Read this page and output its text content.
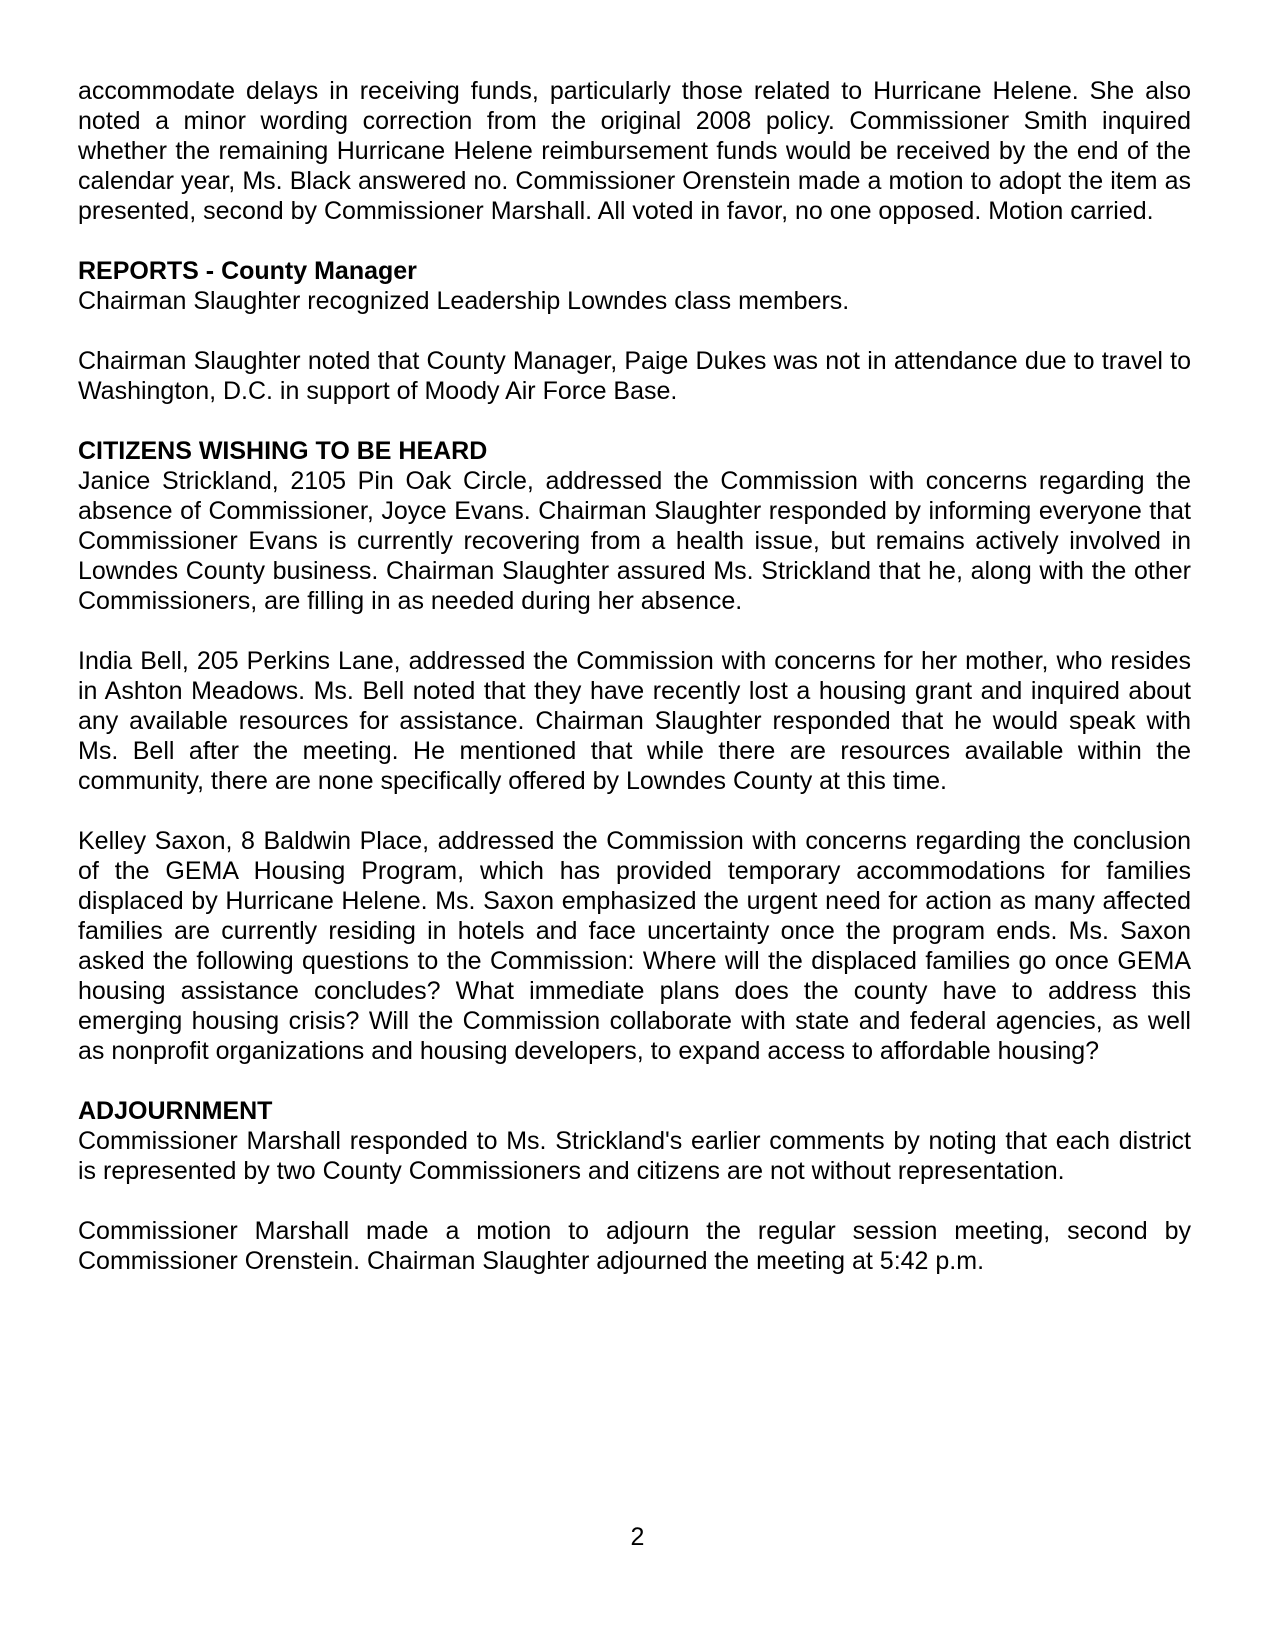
accommodate delays in receiving funds, particularly those related to Hurricane Helene. She also noted a minor wording correction from the original 2008 policy. Commissioner Smith inquired whether the remaining Hurricane Helene reimbursement funds would be received by the end of the calendar year, Ms. Black answered no. Commissioner Orenstein made a motion to adopt the item as presented, second by Commissioner Marshall. All voted in favor, no one opposed. Motion carried.

REPORTS - County Manager

Chairman Slaughter recognized Leadership Lowndes class members.

Chairman Slaughter noted that County Manager, Paige Dukes was not in attendance due to travel to Washington, D.C. in support of Moody Air Force Base.

CITIZENS WISHING TO BE HEARD

Janice Strickland, 2105 Pin Oak Circle, addressed the Commission with concerns regarding the absence of Commissioner, Joyce Evans. Chairman Slaughter responded by informing everyone that Commissioner Evans is currently recovering from a health issue, but remains actively involved in Lowndes County business. Chairman Slaughter assured Ms. Strickland that he, along with the other Commissioners, are filling in as needed during her absence.

India Bell, 205 Perkins Lane, addressed the Commission with concerns for her mother, who resides in Ashton Meadows. Ms. Bell noted that they have recently lost a housing grant and inquired about any available resources for assistance. Chairman Slaughter responded that he would speak with Ms. Bell after the meeting. He mentioned that while there are resources available within the community, there are none specifically offered by Lowndes County at this time.

Kelley Saxon, 8 Baldwin Place, addressed the Commission with concerns regarding the conclusion of the GEMA Housing Program, which has provided temporary accommodations for families displaced by Hurricane Helene. Ms. Saxon emphasized the urgent need for action as many affected families are currently residing in hotels and face uncertainty once the program ends. Ms. Saxon asked the following questions to the Commission: Where will the displaced families go once GEMA housing assistance concludes? What immediate plans does the county have to address this emerging housing crisis? Will the Commission collaborate with state and federal agencies, as well as nonprofit organizations and housing developers, to expand access to affordable housing?

ADJOURNMENT

Commissioner Marshall responded to Ms. Strickland's earlier comments by noting that each district is represented by two County Commissioners and citizens are not without representation.

Commissioner Marshall made a motion to adjourn the regular session meeting, second by Commissioner Orenstein. Chairman Slaughter adjourned the meeting at 5:42 p.m.

2
